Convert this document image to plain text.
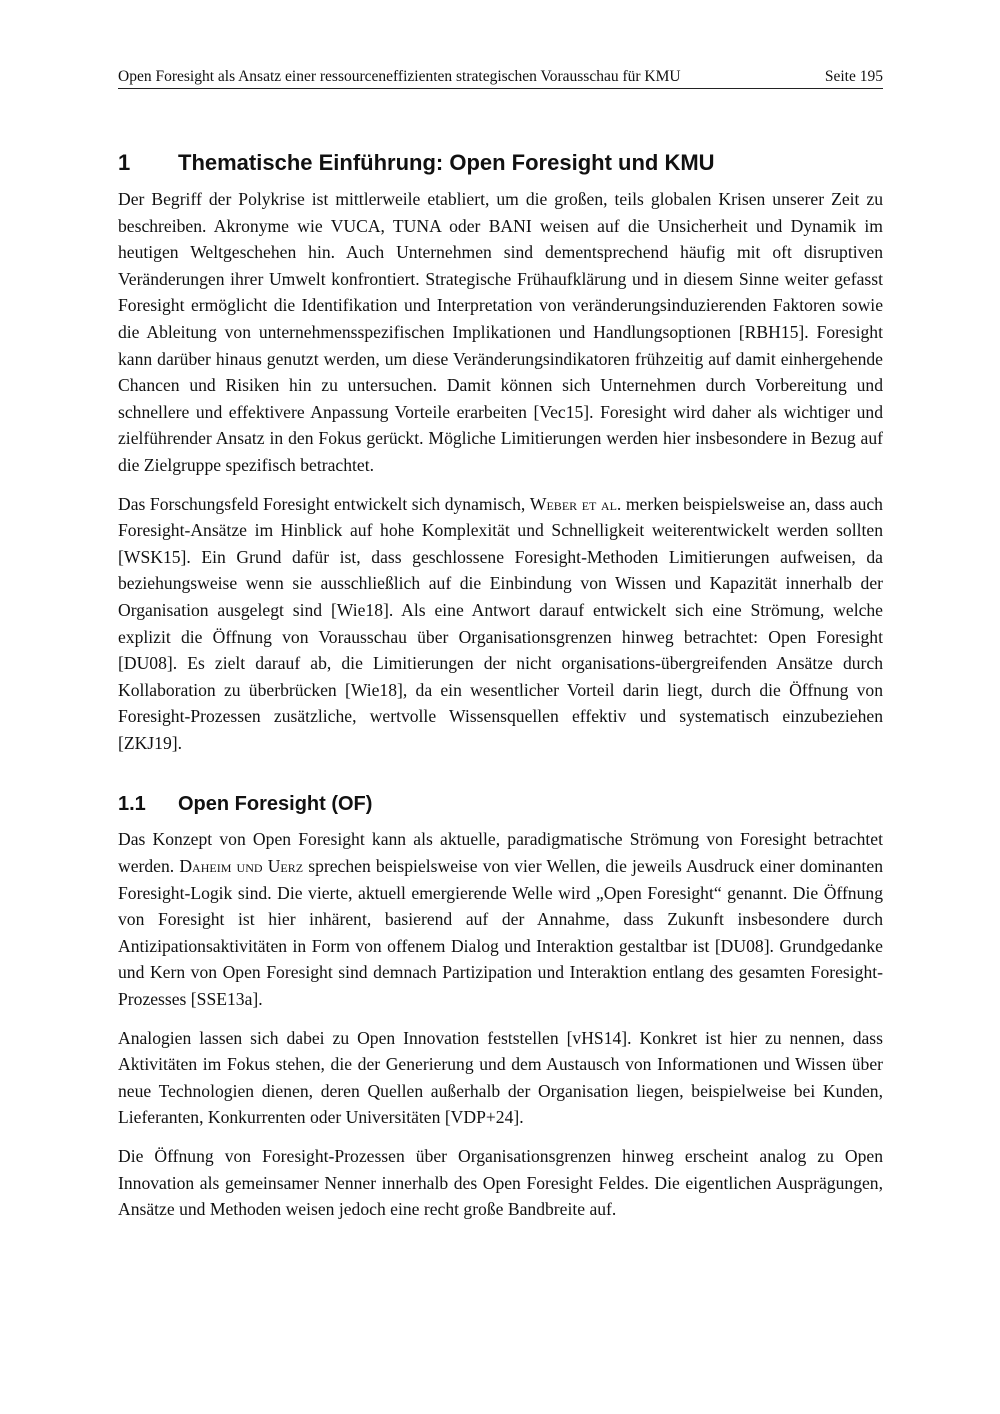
Open Foresight als Ansatz einer ressourceneffizienten strategischen Vorausschau für KMU	Seite 195
1	Thematische Einführung: Open Foresight und KMU

Der Begriff der Polykrise ist mittlerweile etabliert, um die großen, teils globalen Krisen unserer Zeit zu beschreiben. Akronyme wie VUCA, TUNA oder BANI weisen auf die Unsicherheit und Dynamik im heutigen Weltgeschehen hin. Auch Unternehmen sind dementsprechend häufig mit oft disruptiven Veränderungen ihrer Umwelt konfrontiert. Strategische Frühaufklärung und in diesem Sinne weiter gefasst Foresight ermöglicht die Identifikation und Interpretation von veränderungsinduzierenden Faktoren sowie die Ableitung von unternehmensspezifischen Implikationen und Handlungsoptionen [RBH15]. Foresight kann darüber hinaus genutzt werden, um diese Veränderungsindikatoren frühzeitig auf damit einhergehende Chancen und Risiken hin zu untersuchen. Damit können sich Unternehmen durch Vorbereitung und schnellere und effektivere Anpassung Vorteile erarbeiten [Vec15]. Foresight wird daher als wichtiger und zielführender Ansatz in den Fokus gerückt. Mögliche Limitierungen werden hier insbesondere in Bezug auf die Zielgruppe spezifisch betrachtet.

Das Forschungsfeld Foresight entwickelt sich dynamisch, Weber et al. merken beispielsweise an, dass auch Foresight-Ansätze im Hinblick auf hohe Komplexität und Schnelligkeit weiterentwickelt werden sollten [WSK15]. Ein Grund dafür ist, dass geschlossene Foresight-Methoden Limitierungen aufweisen, da beziehungsweise wenn sie ausschließlich auf die Einbindung von Wissen und Kapazität innerhalb der Organisation ausgelegt sind [Wie18]. Als eine Antwort darauf entwickelt sich eine Strömung, welche explizit die Öffnung von Vorausschau über Organisationsgrenzen hinweg betrachtet: Open Foresight [DU08]. Es zielt darauf ab, die Limitierungen der nicht organisations-übergreifenden Ansätze durch Kollaboration zu überbrücken [Wie18], da ein wesentlicher Vorteil darin liegt, durch die Öffnung von Foresight-Prozessen zusätzliche, wertvolle Wissensquellen effektiv und systematisch einzubeziehen [ZKJ19].

1.1	Open Foresight (OF)

Das Konzept von Open Foresight kann als aktuelle, paradigmatische Strömung von Foresight betrachtet werden. Daheim und Uerz sprechen beispielsweise von vier Wellen, die jeweils Ausdruck einer dominanten Foresight-Logik sind. Die vierte, aktuell emergierende Welle wird „Open Foresight“ genannt. Die Öffnung von Foresight ist hier inhärent, basierend auf der Annahme, dass Zukunft insbesondere durch Antizipationsaktivitäten in Form von offenem Dialog und Interaktion gestaltbar ist [DU08]. Grundgedanke und Kern von Open Foresight sind demnach Partizipation und Interaktion entlang des gesamten Foresight-Prozesses [SSE13a].

Analogien lassen sich dabei zu Open Innovation feststellen [vHS14]. Konkret ist hier zu nennen, dass Aktivitäten im Fokus stehen, die der Generierung und dem Austausch von Informationen und Wissen über neue Technologien dienen, deren Quellen außerhalb der Organisation liegen, beispielweise bei Kunden, Lieferanten, Konkurrenten oder Universitäten [VDP+24].

Die Öffnung von Foresight-Prozessen über Organisationsgrenzen hinweg erscheint analog zu Open Innovation als gemeinsamer Nenner innerhalb des Open Foresight Feldes. Die eigentlichen Ausprägungen, Ansätze und Methoden weisen jedoch eine recht große Bandbreite auf.
